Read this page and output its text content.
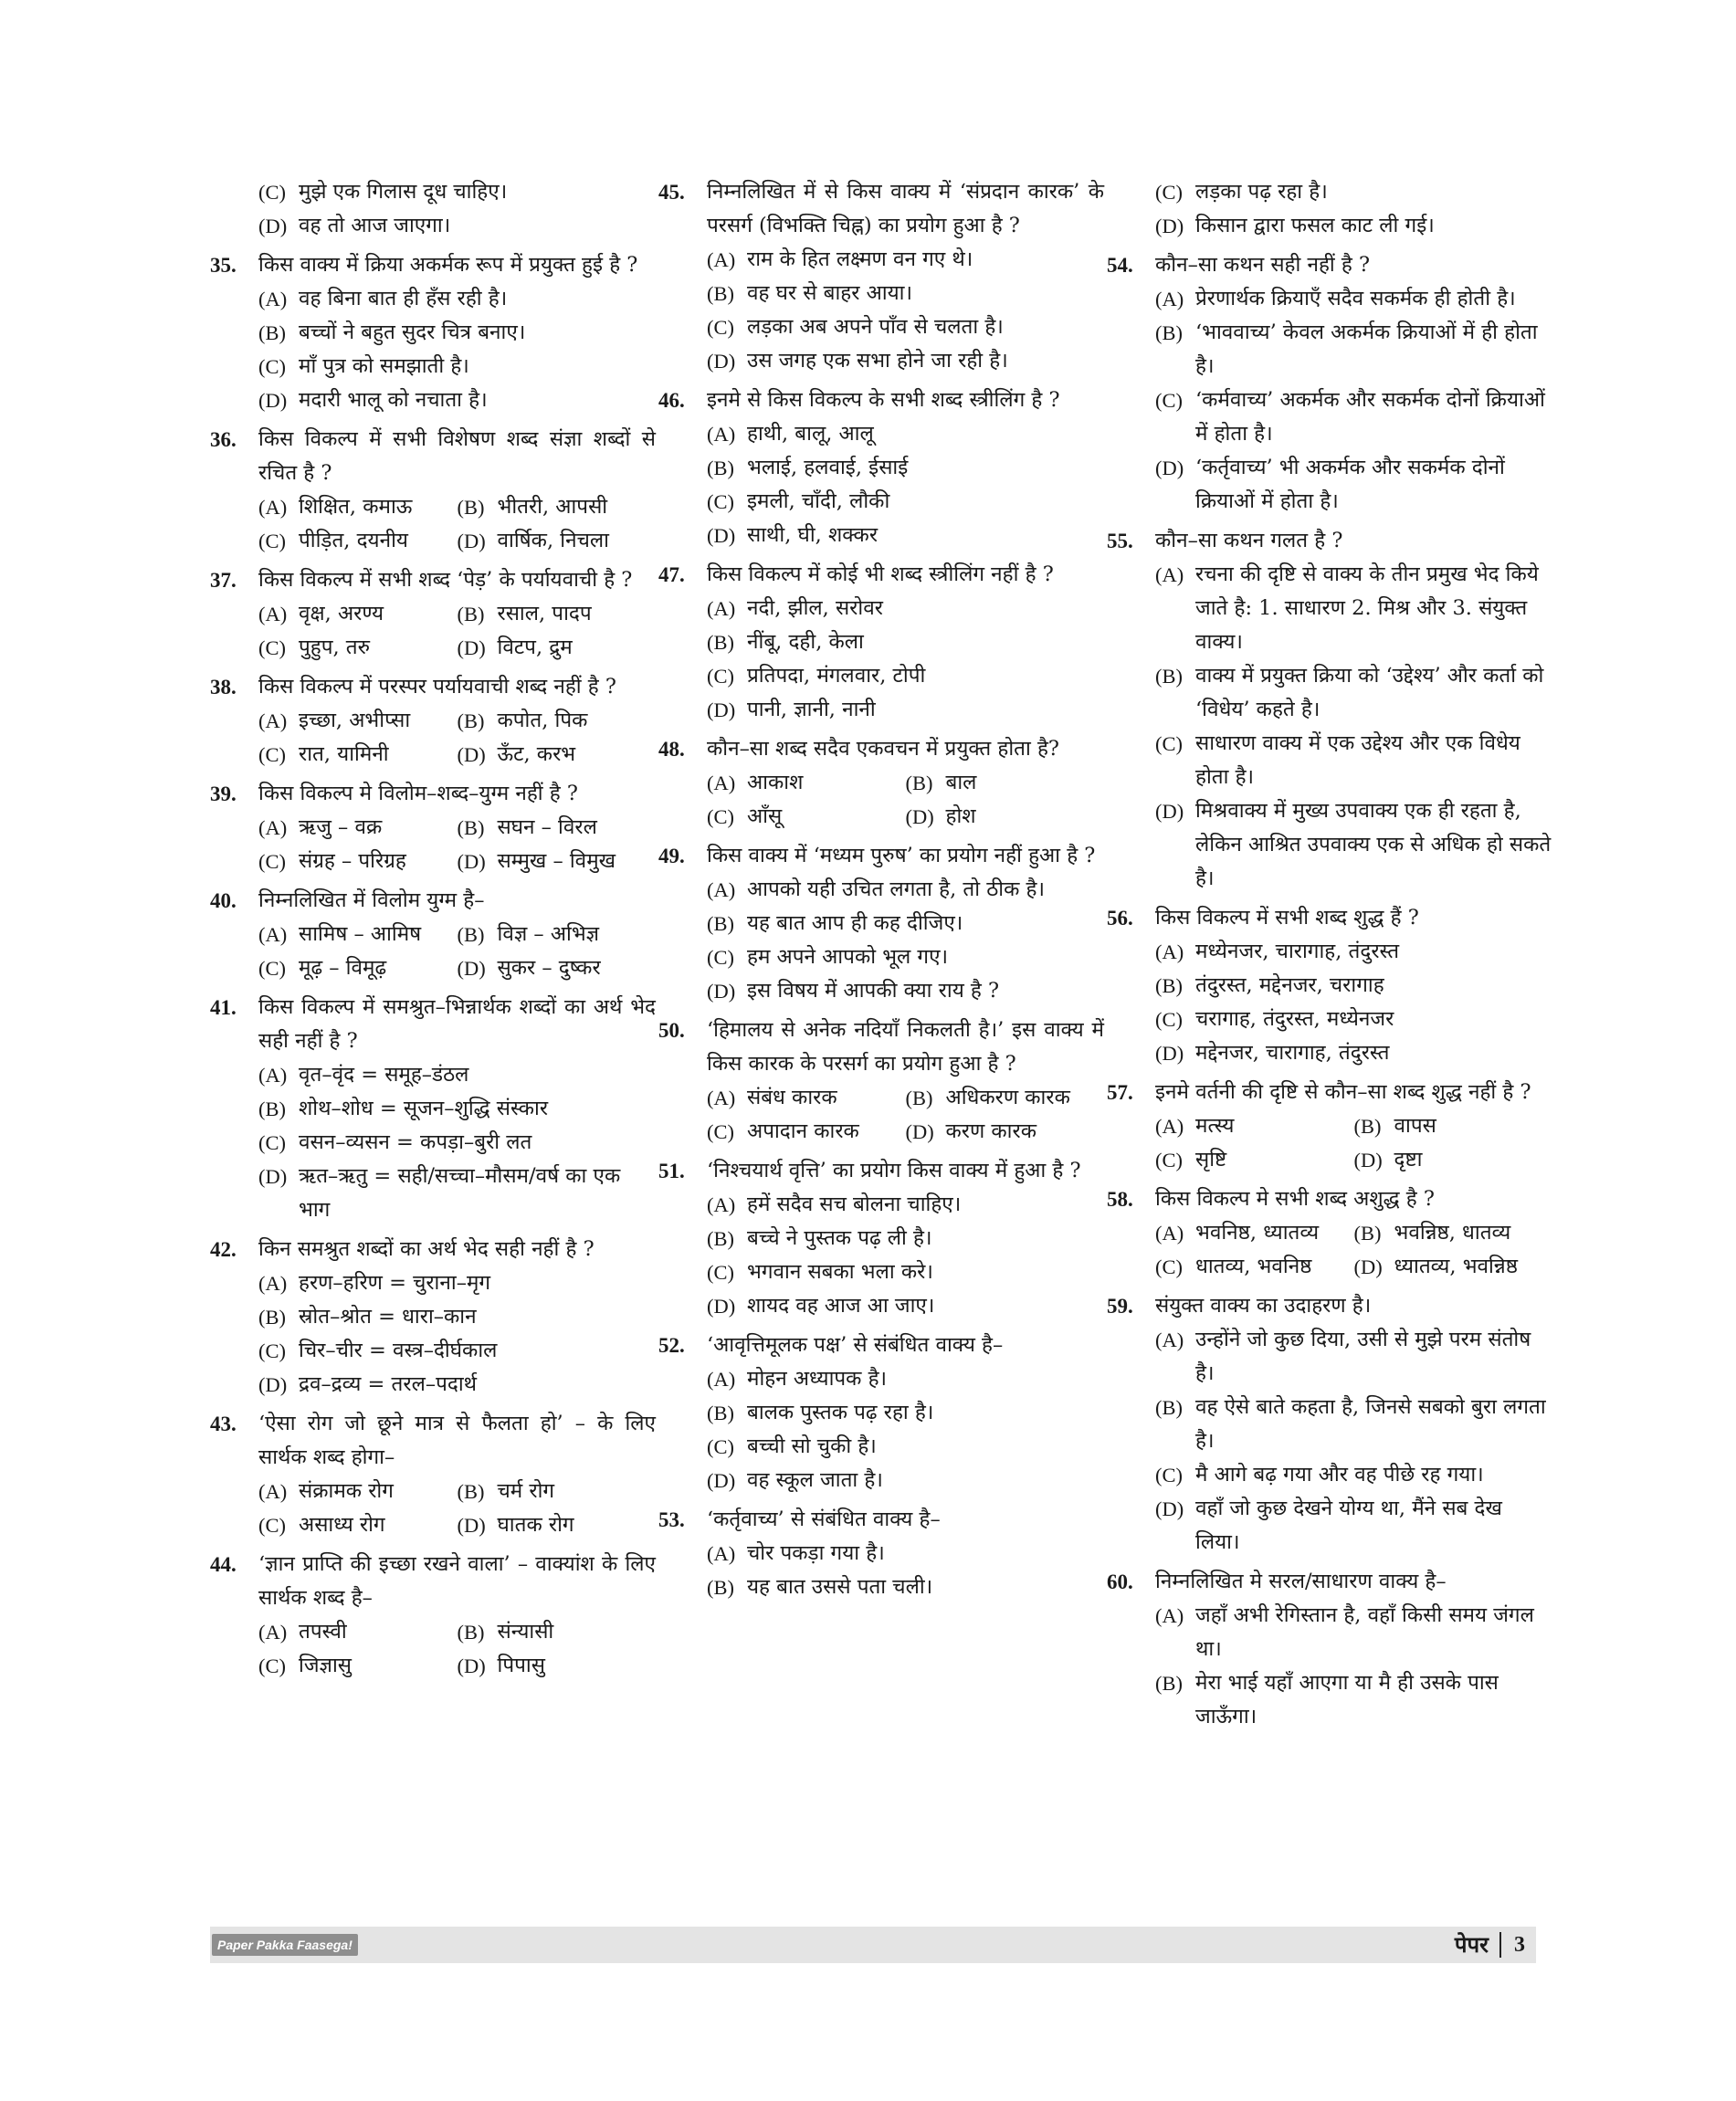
(C) मुझे एक गिलास दूध चाहिए।
(D) वह तो आज जाएगा।
35. किस वाक्य में क्रिया अकर्मक रूप में प्रयुक्त हुई है ?
(A) वह बिना बात ही हँस रही है।
(B) बच्चों ने बहुत सुदर चित्र बनाए।
(C) माँ पुत्र को समझाती है।
(D) मदारी भालू को नचाता है।
36. किस विकल्प में सभी विशेषण शब्द संज्ञा शब्दों से रचित है ?
(A) शिक्षित, कमाऊ	(B) भीतरी, आपसी
(C) पीड़ित, दयनीय	(D) वार्षिक, निचला
37. किस विकल्प में सभी शब्द ‘पेड़’ के पर्यायवाची है ?
(A) वृक्ष, अरण्य	(B) रसाल, पादप
(C) पुहुप, तरु	(D) विटप, द्रुम
38. किस विकल्प में परस्पर पर्यायवाची शब्द नहीं है ?
(A) इच्छा, अभीप्सा	(B) कपोत, पिक
(C) रात, यामिनी	(D) ऊँट, करभ
39. किस विकल्प मे विलोम–शब्द–युग्म नहीं है ?
(A) ऋजु – वक्र	(B) सघन – विरल
(C) संग्रह – परिग्रह	(D) सम्मुख – विमुख
40. निम्नलिखित में विलोम युग्म है–
(A) सामिष – आमिष	(B) विज्ञ – अभिज्ञ
(C) मूढ़ – विमूढ़	(D) सुकर – दुष्कर
41. किस विकल्प में समश्रुत–भिन्नार्थक शब्दों का अर्थ भेद सही नहीं है ?
(A) वृत–वृंद = समूह–डंठल
(B) शोथ–शोध = सूजन–शुद्धि संस्कार
(C) वसन–व्यसन = कपड़ा–बुरी लत
(D) ऋत–ऋतु = सही/सच्चा–मौसम/वर्ष का एक भाग
42. किन समश्रुत शब्दों का अर्थ भेद सही नहीं है ?
(A) हरण–हरिण = चुराना–मृग
(B) स्रोत–श्रोत = धारा–कान
(C) चिर–चीर = वस्त्र–दीर्घकाल
(D) द्रव–द्रव्य = तरल–पदार्थ
43. ‘ऐसा रोग जो छूने मात्र से फैलता हो’ – के लिए सार्थक शब्द होगा–
(A) संक्रामक रोग	(B) चर्म रोग
(C) असाध्य रोग	(D) घातक रोग
44. ‘ज्ञान प्राप्ति की इच्छा रखने वाला’ – वाक्यांश के लिए सार्थक शब्द है–
(A) तपस्वी	(B) संन्यासी
(C) जिज्ञासु	(D) पिपासु
45. निम्नलिखित में से किस वाक्य में ‘संप्रदान कारक’ के परसर्ग (विभक्ति चिह्न) का प्रयोग हुआ है ?
(A) राम के हित लक्ष्मण वन गए थे।
(B) वह घर से बाहर आया।
(C) लड़का अब अपने पाँव से चलता है।
(D) उस जगह एक सभा होने जा रही है।
46. इनमे से किस विकल्प के सभी शब्द स्त्रीलिंग है ?
(A) हाथी, बालू, आलू
(B) भलाई, हलवाई, ईसाई
(C) इमली, चाँदी, लौकी
(D) साथी, घी, शक्कर
47. किस विकल्प में कोई भी शब्द स्त्रीलिंग नहीं है ?
(A) नदी, झील, सरोवर
(B) नींबू, दही, केला
(C) प्रतिपदा, मंगलवार, टोपी
(D) पानी, ज्ञानी, नानी
48. कौन–सा शब्द सदैव एकवचन में प्रयुक्त होता है?
(A) आकाश	(B) बाल
(C) आँसू	(D) होश
49. किस वाक्य में ‘मध्यम पुरुष’ का प्रयोग नहीं हुआ है ?
(A) आपको यही उचित लगता है, तो ठीक है।
(B) यह बात आप ही कह दीजिए।
(C) हम अपने आपको भूल गए।
(D) इस विषय में आपकी क्या राय है ?
50. ‘हिमालय से अनेक नदियाँ निकलती है।’ इस वाक्य में किस कारक के परसर्ग का प्रयोग हुआ है ?
(A) संबंध कारक	(B) अधिकरण कारक
(C) अपादान कारक	(D) करण कारक
51. ‘निश्चयार्थ वृत्ति’ का प्रयोग किस वाक्य में हुआ है ?
(A) हमें सदैव सच बोलना चाहिए।
(B) बच्चे ने पुस्तक पढ़ ली है।
(C) भगवान सबका भला करे।
(D) शायद वह आज आ जाए।
52. ‘आवृत्तिमूलक पक्ष’ से संबंधित वाक्य है–
(A) मोहन अध्यापक है।
(B) बालक पुस्तक पढ़ रहा है।
(C) बच्ची सो चुकी है।
(D) वह स्कूल जाता है।
53. ‘कर्तृवाच्य’ से संबंधित वाक्य है–
(A) चोर पकड़ा गया है।
(B) यह बात उससे पता चली।
(C) लड़का पढ़ रहा है।
(D) किसान द्वारा फसल काट ली गई।
54. कौन–सा कथन सही नहीं है ?
(A) प्रेरणार्थक क्रियाएँ सदैव सकर्मक ही होती है।
(B) ‘भाववाच्य’ केवल अकर्मक क्रियाओं में ही होता है।
(C) ‘कर्मवाच्य’ अकर्मक और सकर्मक दोनों क्रियाओं में होता है।
(D) ‘कर्तृवाच्य’ भी अकर्मक और सकर्मक दोनों क्रियाओं में होता है।
55. कौन–सा कथन गलत है ?
(A) रचना की दृष्टि से वाक्य के तीन प्रमुख भेद किये जाते है: 1. साधारण 2. मिश्र और 3. संयुक्त वाक्य।
(B) वाक्य में प्रयुक्त क्रिया को ‘उद्देश्य’ और कर्ता को ‘विधेय’ कहते है।
(C) साधारण वाक्य में एक उद्देश्य और एक विधेय होता है।
(D) मिश्रवाक्य में मुख्य उपवाक्य एक ही रहता है, लेकिन आश्रित उपवाक्य एक से अधिक हो सकते है।
56. किस विकल्प में सभी शब्द शुद्ध हैं ?
(A) मध्येनजर, चारागाह, तंदुरस्त
(B) तंदुरस्त, मद्देनजर, चरागाह
(C) चरागाह, तंदुरस्त, मध्येनजर
(D) मद्देनजर, चारागाह, तंदुरस्त
57. इनमे वर्तनी की दृष्टि से कौन–सा शब्द शुद्ध नहीं है ?
(A) मत्स्य	(B) वापस
(C) सृष्टि	(D) दृष्टा
58. किस विकल्प मे सभी शब्द अशुद्ध है ?
(A) भवनिष्ठ, ध्यातव्य	(B) भवन्निष्ठ, धातव्य
(C) धातव्य, भवनिष्ठ	(D) ध्यातव्य, भवन्निष्ठ
59. संयुक्त वाक्य का उदाहरण है।
(A) उन्होंने जो कुछ दिया, उसी से मुझे परम संतोष है।
(B) वह ऐसे बाते कहता है, जिनसे सबको बुरा लगता है।
(C) मै आगे बढ़ गया और वह पीछे रह गया।
(D) वहाँ जो कुछ देखने योग्य था, मैंने सब देख लिया।
60. निम्नलिखित मे सरल/साधारण वाक्य है–
(A) जहाँ अभी रेगिस्तान है, वहाँ किसी समय जंगल था।
(B) मेरा भाई यहाँ आएगा या मै ही उसके पास जाऊँगा।
Paper Pakka Faasega!	पेपर 3
